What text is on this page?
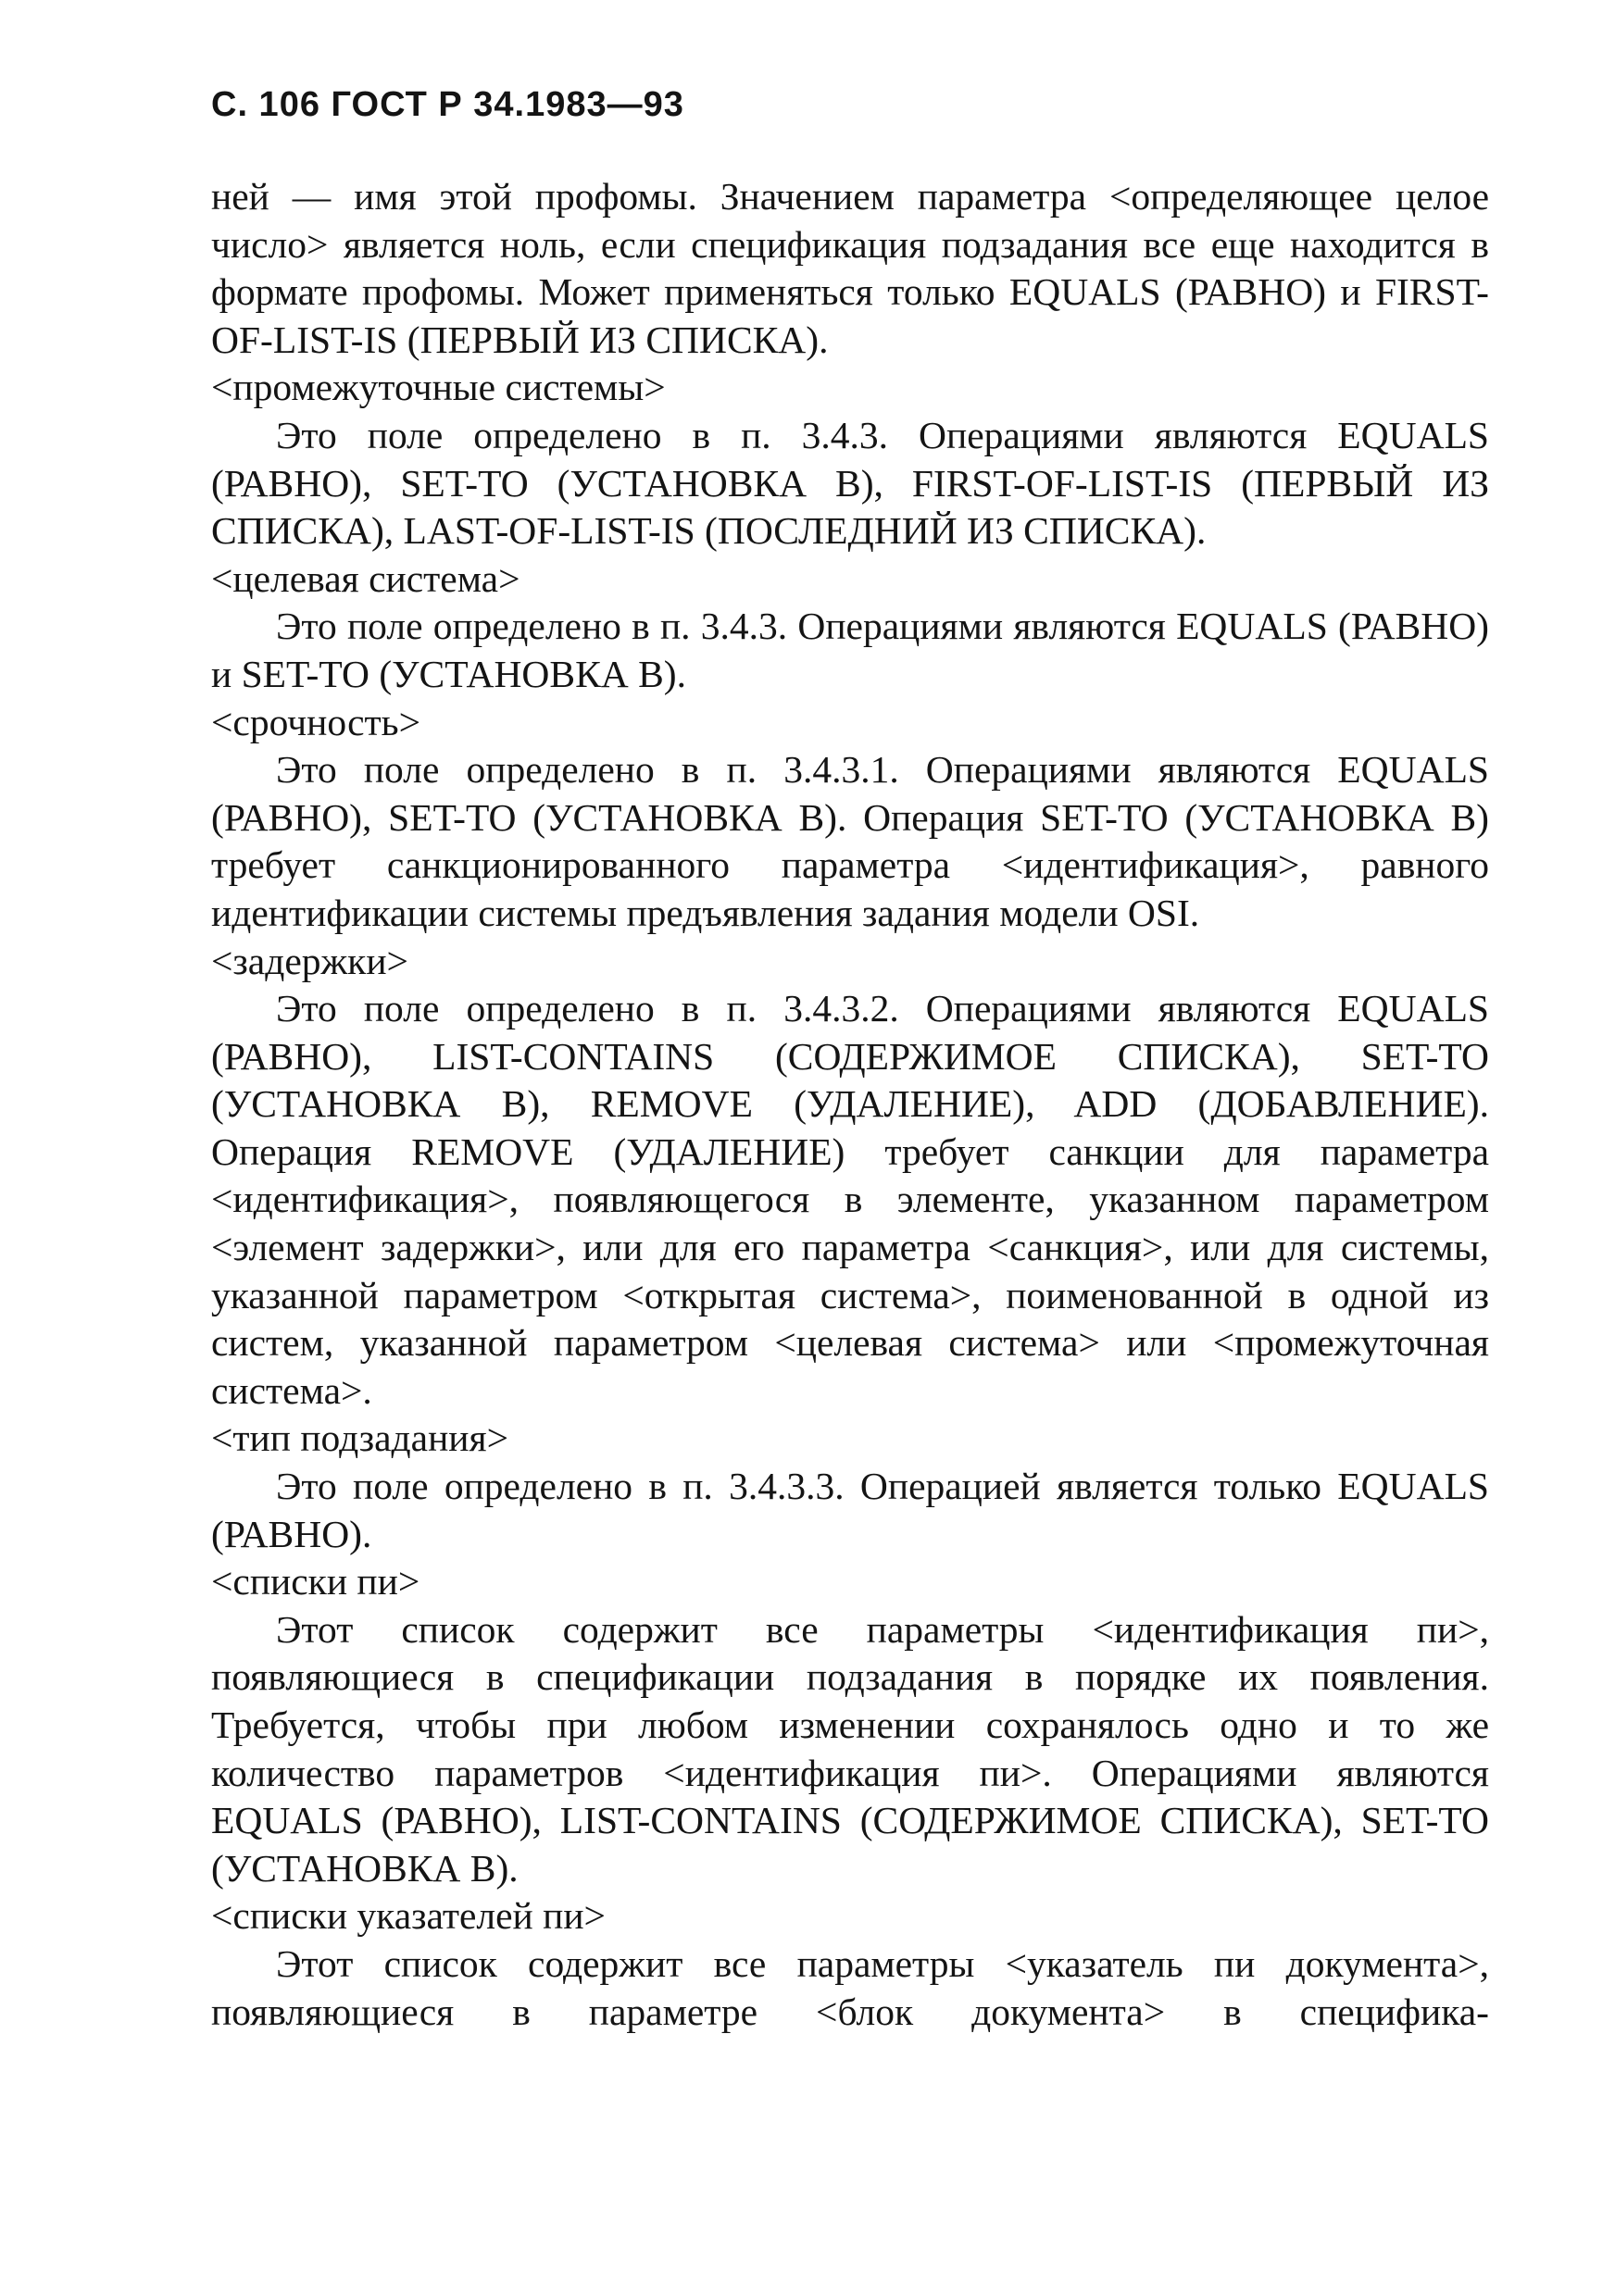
С. 106 ГОСТ Р 34.1983—93

ней — имя этой профомы. Значением параметра <определяющее целое число> является ноль, если спецификация подзадания все еще находится в формате профомы. Может применяться только EQUALS (РАВНО) и FIRST-OF-LIST-IS (ПЕРВЫЙ ИЗ СПИСКА).

<промежуточные системы>

Это поле определено в п. 3.4.3. Операциями являются EQUALS (РАВНО), SET-TO (УСТАНОВКА В), FIRST-OF-LIST-IS (ПЕРВЫЙ ИЗ СПИСКА), LAST-OF-LIST-IS (ПОСЛЕДНИЙ ИЗ СПИСКА).

<целевая система>

Это поле определено в п. 3.4.3. Операциями являются EQUALS (РАВНО) и SET-TO (УСТАНОВКА В).

<срочность>

Это поле определено в п. 3.4.3.1. Операциями являются EQUALS (РАВНО), SET-TO (УСТАНОВКА В). Операция SET-TO (УСТАНОВКА В) требует санкционированного параметра <идентификация>, равного идентификации системы предъявления задания модели OSI.

<задержки>

Это поле определено в п. 3.4.3.2. Операциями являются EQUALS (РАВНО), LIST-CONTAINS (СОДЕРЖИМОЕ СПИСКА), SET-TO (УСТАНОВКА В), REMOVE (УДАЛЕНИЕ), ADD (ДОБАВЛЕНИЕ). Операция REMOVE (УДАЛЕНИЕ) требует санкции для параметра <идентификация>, появляющегося в элементе, указанном параметром <элемент задержки>, или для его параметра <санкция>, или для системы, указанной параметром <открытая система>, поименованной в одной из систем, указанной параметром <целевая система> или <промежуточная система>.

<тип подзадания>

Это поле определено в п. 3.4.3.3. Операцией является только EQUALS (РАВНО).

<списки пи>

Этот список содержит все параметры <идентификация пи>, появляющиеся в спецификации подзадания в порядке их появления. Требуется, чтобы при любом изменении сохранялось одно и то же количество параметров <идентификация пи>. Операциями являются EQUALS (РАВНО), LIST-CONTAINS (СОДЕРЖИМОЕ СПИСКА), SET-TO (УСТАНОВКА В).

<списки указателей пи>

Этот список содержит все параметры <указатель пи документа>, появляющиеся в параметре <блок документа> в специфика-
